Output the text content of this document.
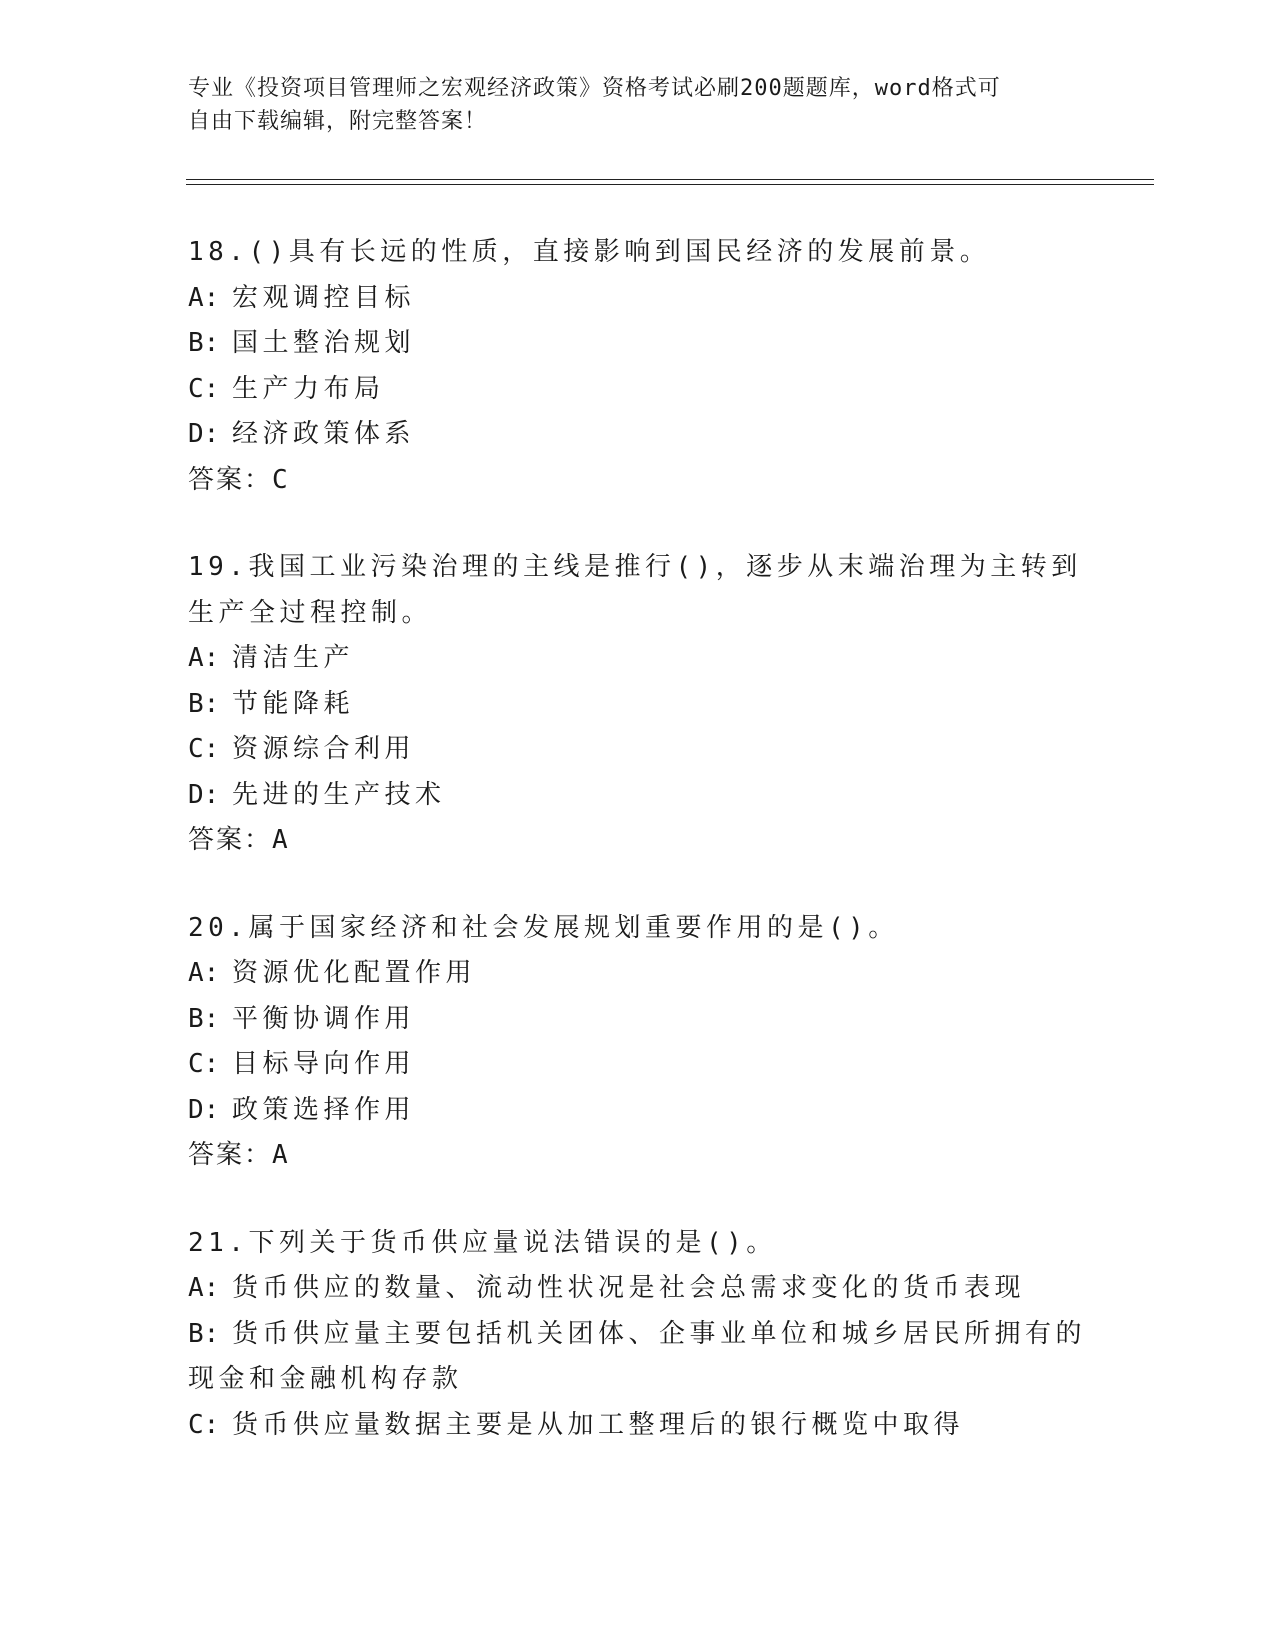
专业《投资项目管理师之宏观经济政策》资格考试必刷200题题库，word格式可
自由下载编辑，附完整答案！
18.()具有长远的性质，直接影响到国民经济的发展前景。
A: 宏观调控目标
B: 国土整治规划
C: 生产力布局
D: 经济政策体系
答案：C
19.我国工业污染治理的主线是推行()，逐步从末端治理为主转到生产全过程控制。
A: 清洁生产
B: 节能降耗
C: 资源综合利用
D: 先进的生产技术
答案：A
20.属于国家经济和社会发展规划重要作用的是()。
A: 资源优化配置作用
B: 平衡协调作用
C: 目标导向作用
D: 政策选择作用
答案：A
21.下列关于货币供应量说法错误的是()。
A: 货币供应的数量、流动性状况是社会总需求变化的货币表现
B: 货币供应量主要包括机关团体、企事业单位和城乡居民所拥有的现金和金融机构存款
C: 货币供应量数据主要是从加工整理后的银行概览中取得
